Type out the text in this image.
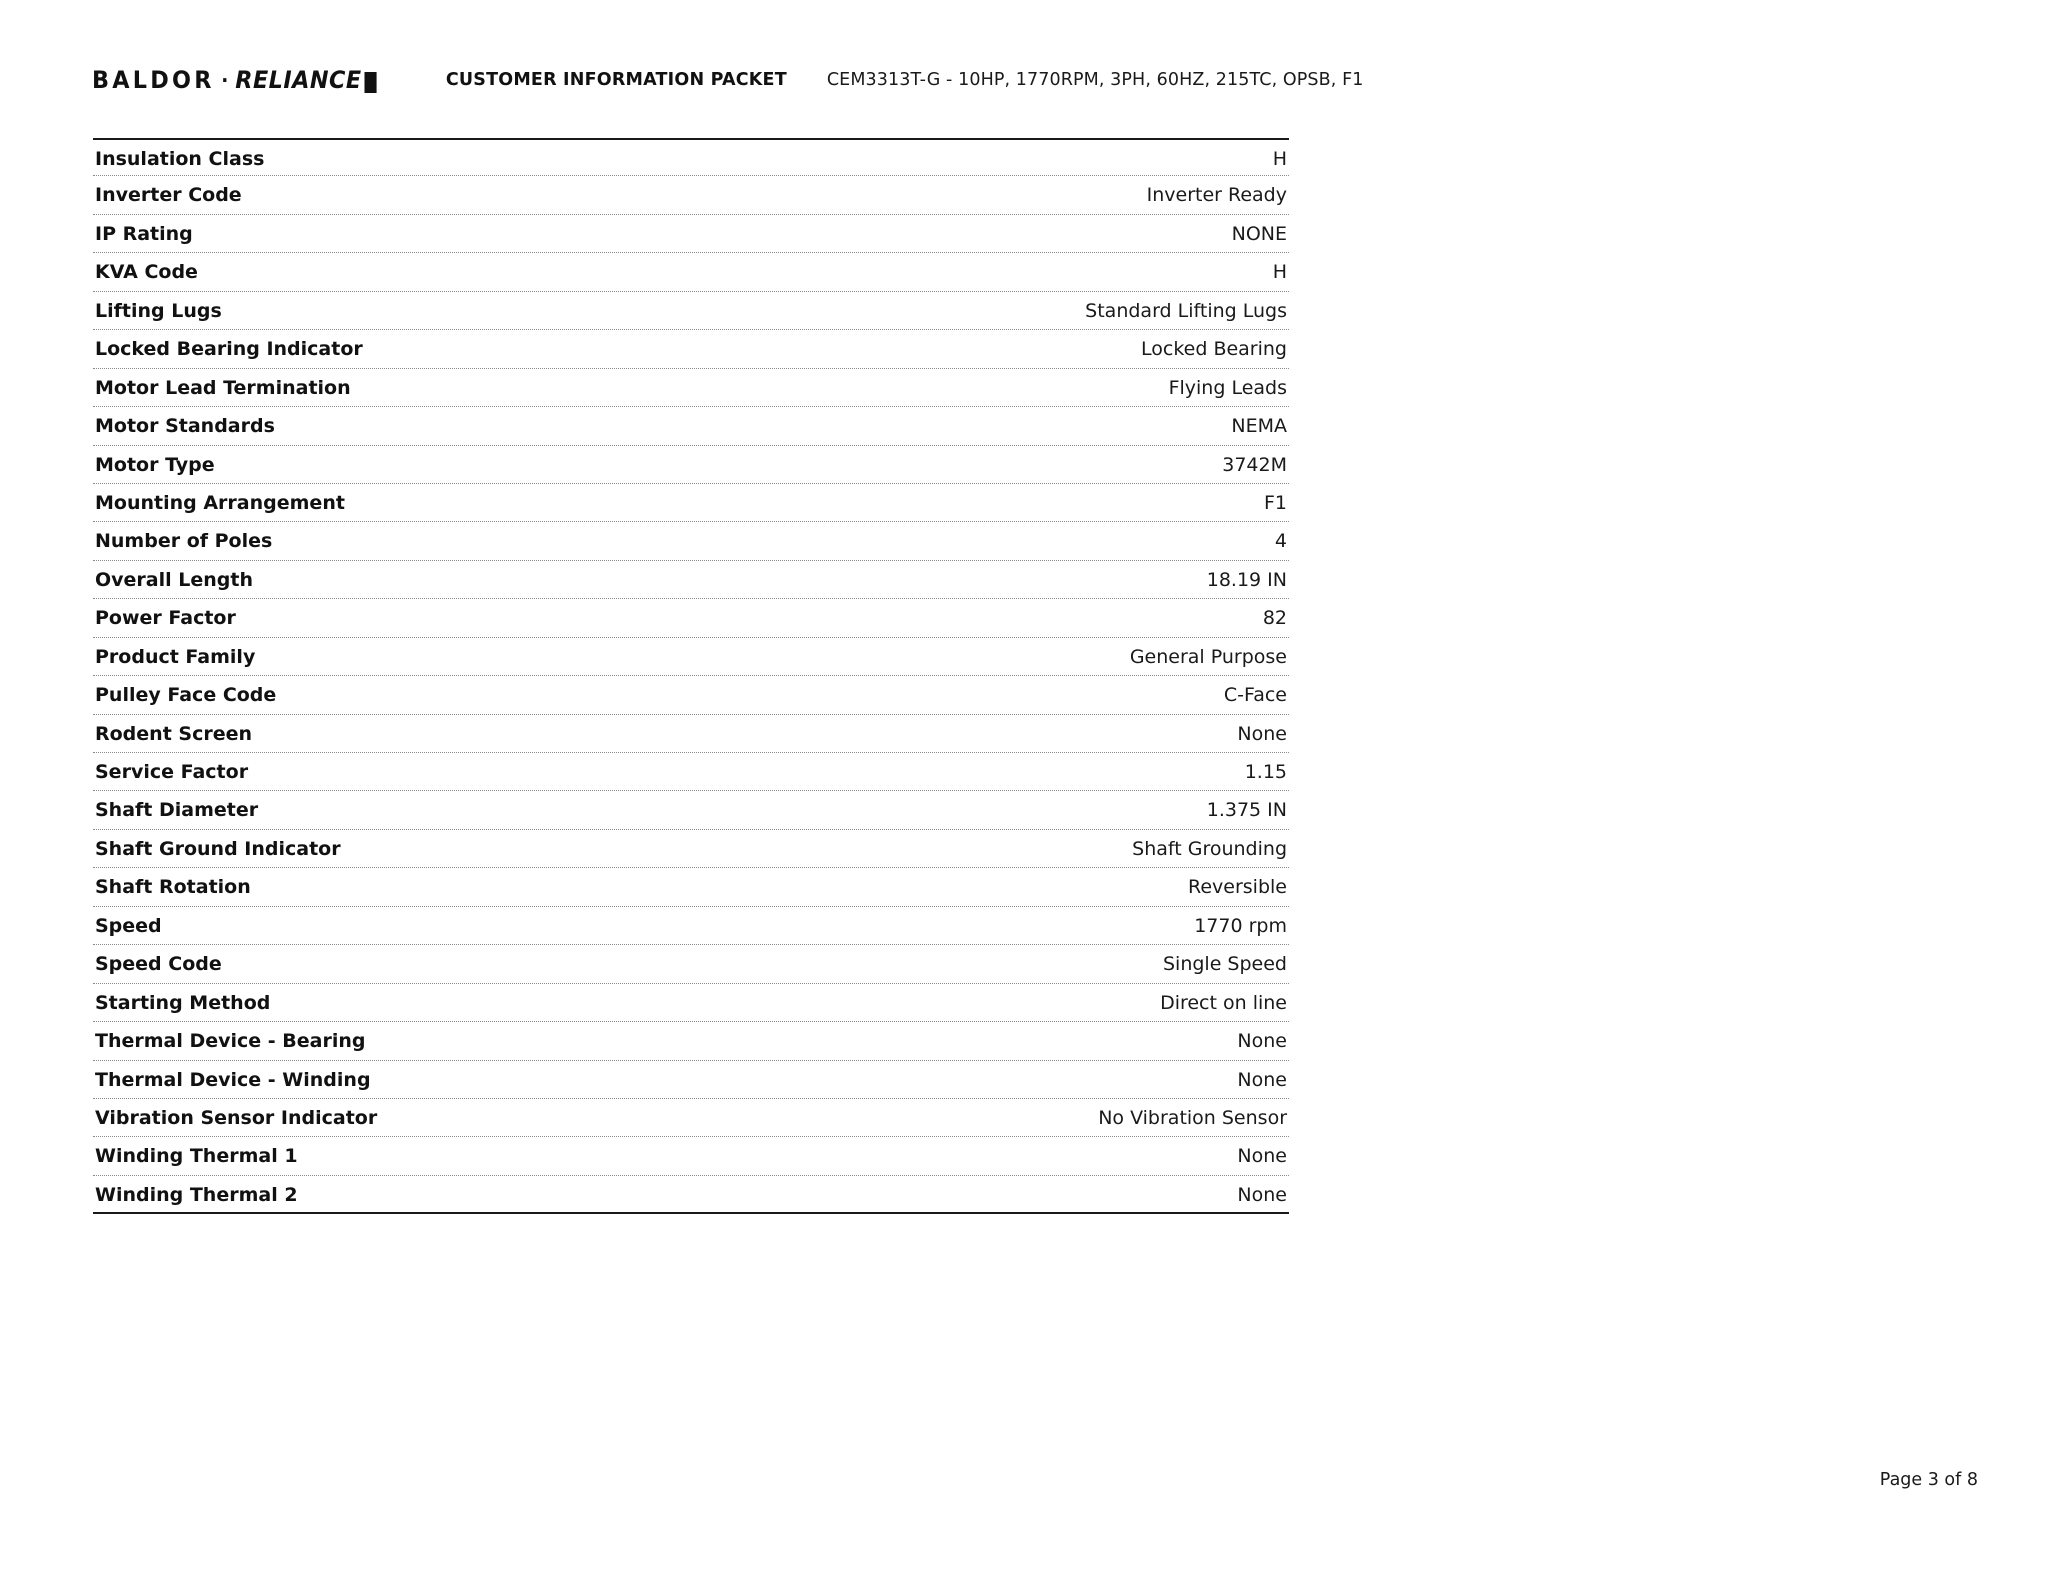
BALDOR · RELIANCE	CUSTOMER INFORMATION PACKET CEM3313T-G - 10HP, 1770RPM, 3PH, 60HZ, 215TC, OPSB, F1
Insulation Class	H
Inverter Code	Inverter Ready
IP Rating	NONE
KVA Code	H
Lifting Lugs	Standard Lifting Lugs
Locked Bearing Indicator	Locked Bearing
Motor Lead Termination	Flying Leads
Motor Standards	NEMA
Motor Type	3742M
Mounting Arrangement	F1
Number of Poles	4
Overall Length	18.19 IN
Power Factor	82
Product Family	General Purpose
Pulley Face Code	C-Face
Rodent Screen	None
Service Factor	1.15
Shaft Diameter	1.375 IN
Shaft Ground Indicator	Shaft Grounding
Shaft Rotation	Reversible
Speed	1770 rpm
Speed Code	Single Speed
Starting Method	Direct on line
Thermal Device - Bearing	None
Thermal Device - Winding	None
Vibration Sensor Indicator	No Vibration Sensor
Winding Thermal 1	None
Winding Thermal 2	None
Page 3 of 8
